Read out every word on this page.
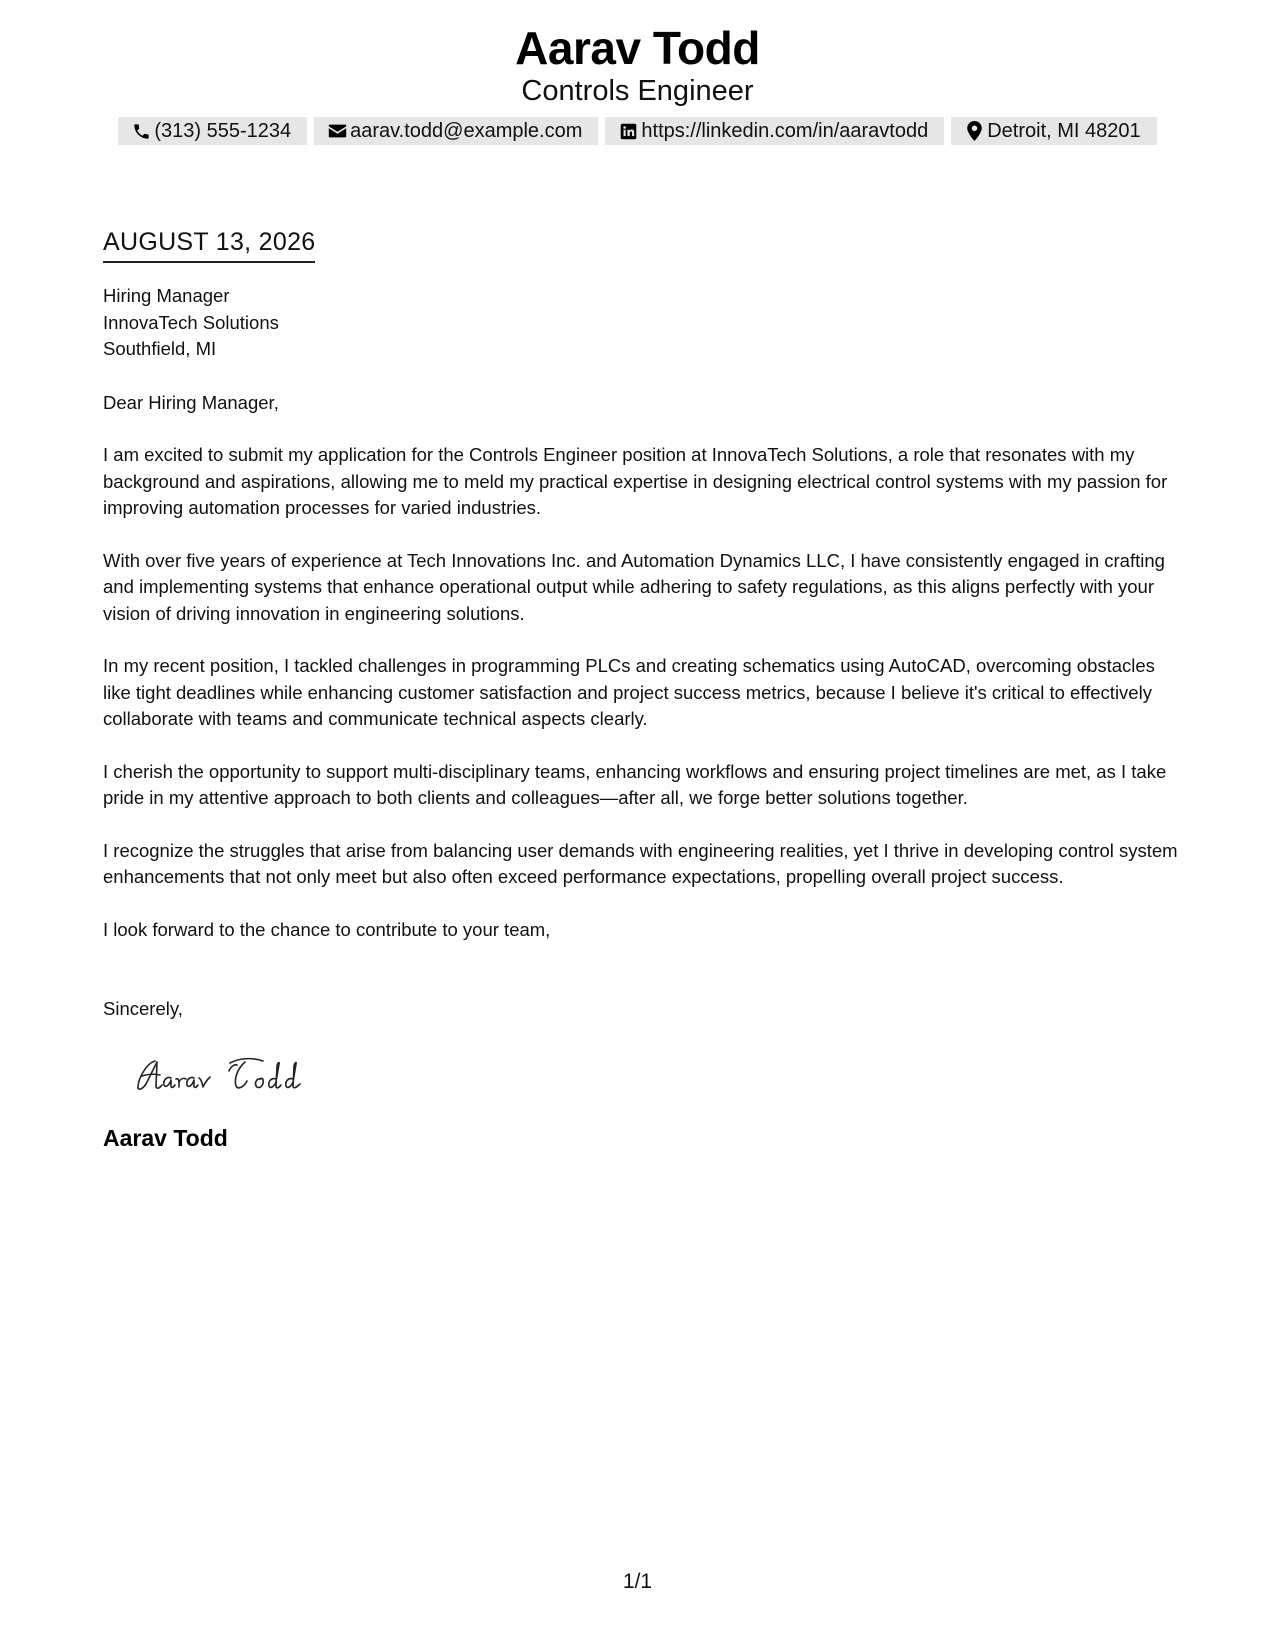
Aarav Todd
Controls Engineer
(313) 555-1234	aarav.todd@example.com	https://linkedin.com/in/aaravtodd	Detroit, MI 48201
AUGUST 13, 2026
Hiring Manager
InnovaTech Solutions
Southfield, MI
Dear Hiring Manager,
I am excited to submit my application for the Controls Engineer position at InnovaTech Solutions, a role that resonates with my background and aspirations, allowing me to meld my practical expertise in designing electrical control systems with my passion for improving automation processes for varied industries.
With over five years of experience at Tech Innovations Inc. and Automation Dynamics LLC, I have consistently engaged in crafting and implementing systems that enhance operational output while adhering to safety regulations, as this aligns perfectly with your vision of driving innovation in engineering solutions.
In my recent position, I tackled challenges in programming PLCs and creating schematics using AutoCAD, overcoming obstacles like tight deadlines while enhancing customer satisfaction and project success metrics, because I believe it's critical to effectively collaborate with teams and communicate technical aspects clearly.
I cherish the opportunity to support multi-disciplinary teams, enhancing workflows and ensuring project timelines are met, as I take pride in my attentive approach to both clients and colleagues—after all, we forge better solutions together.
I recognize the struggles that arise from balancing user demands with engineering realities, yet I thrive in developing control system enhancements that not only meet but also often exceed performance expectations, propelling overall project success.
I look forward to the chance to contribute to your team,
Sincerely,
Aarav Todd
1/1
